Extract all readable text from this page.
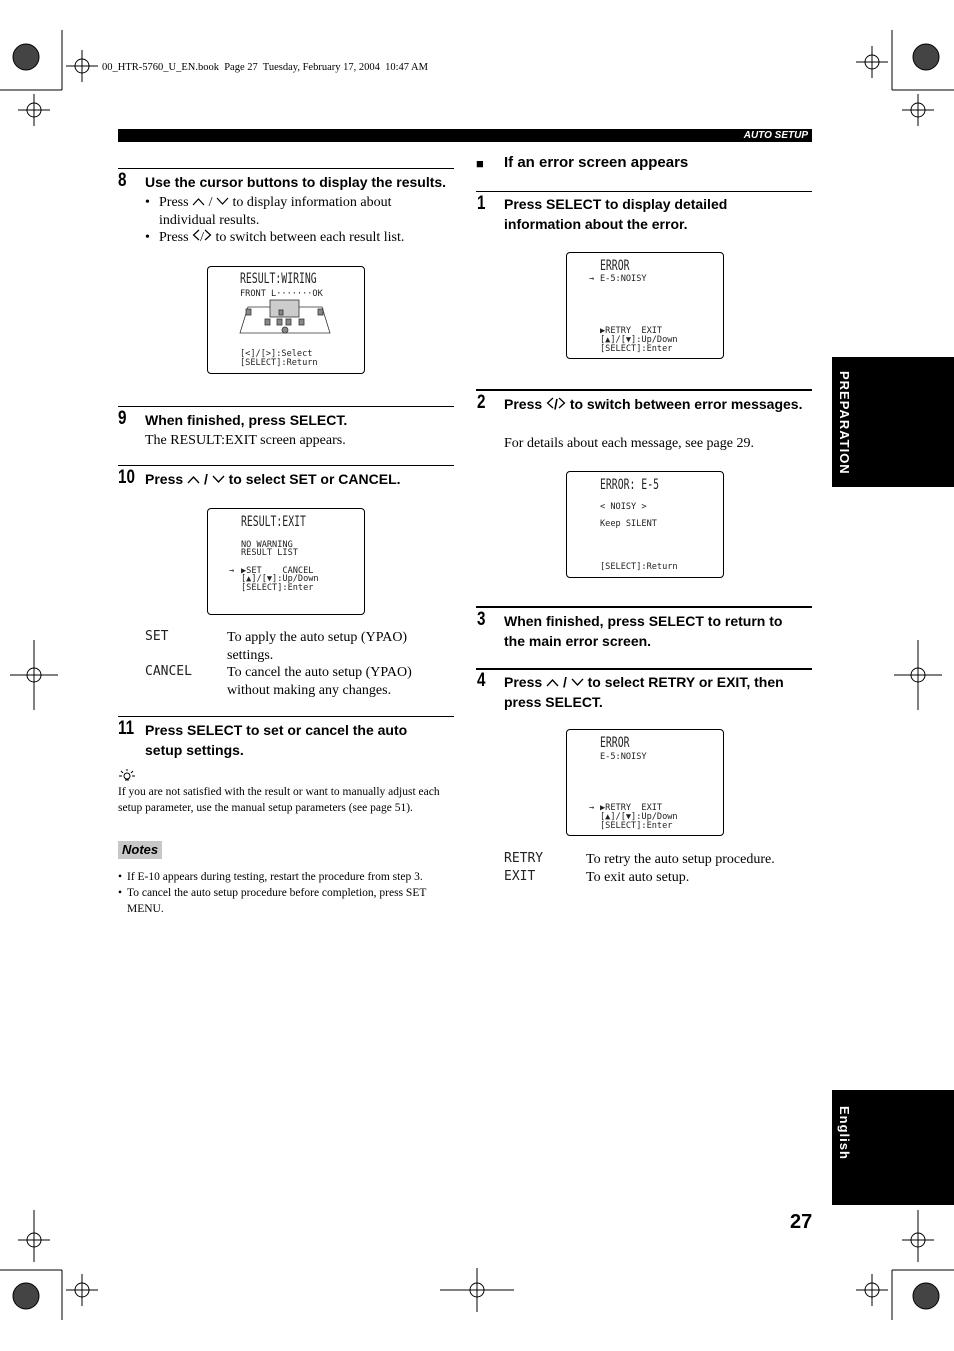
00_HTR-5760_U_EN.book  Page 27  Tuesday, February 17, 2004  10:47 AM
AUTO SETUP
PREPARATION
English
27
8 Use the cursor buttons to display the results.
• Press / to display information about individual results.
• Press / to switch between each result list.
RESULT:WIRING
FRONT L·······OK
[<]/[>]:Select
[SELECT]:Return
9 When finished, press SELECT.
The RESULT:EXIT screen appears.
10 Press / to select SET or CANCEL.
RESULT:EXIT
NO WARNING
RESULT LIST
→ ▶SET    CANCEL
[▲]/[▼]:Up/Down
[SELECT]:Enter
SET	To apply the auto setup (YPAO) settings.
CANCEL	To cancel the auto setup (YPAO) without making any changes.
11 Press SELECT to set or cancel the auto setup settings.
If you are not satisfied with the result or want to manually adjust each setup parameter, use the manual setup parameters (see page 51).
Notes
• If E-10 appears during testing, restart the procedure from step 3.
• To cancel the auto setup procedure before completion, press SET MENU.
■ If an error screen appears
1 Press SELECT to display detailed information about the error.
ERROR
→ E-5:NOISY
▶RETRY  EXIT
[▲]/[▼]:Up/Down
[SELECT]:Enter
2 Press / to switch between error messages.
For details about each message, see page 29.
ERROR: E-5
< NOISY >
Keep SILENT
[SELECT]:Return
3 When finished, press SELECT to return to the main error screen.
4 Press / to select RETRY or EXIT, then press SELECT.
ERROR
E-5:NOISY
→ ▶RETRY  EXIT
[▲]/[▼]:Up/Down
[SELECT]:Enter
RETRY	To retry the auto setup procedure.
EXIT	To exit auto setup.
